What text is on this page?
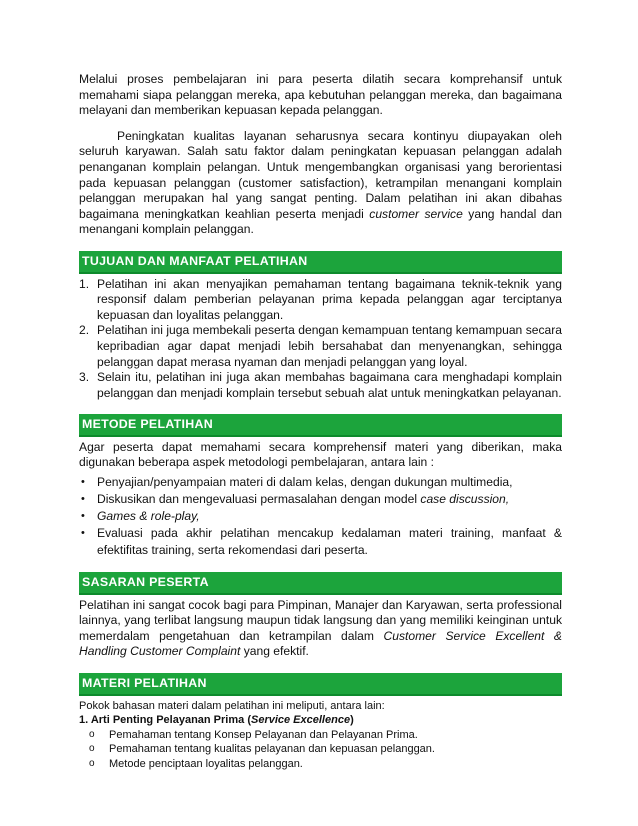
Melalui proses pembelajaran ini para peserta dilatih secara komprehansif untuk memahami siapa pelanggan mereka, apa kebutuhan pelanggan mereka, dan bagaimana melayani dan memberikan kepuasan kepada pelanggan.

Peningkatan kualitas layanan seharusnya secara kontinyu diupayakan oleh seluruh karyawan. Salah satu faktor dalam peningkatan kepuasan pelanggan adalah penanganan komplain pelangan. Untuk mengembangkan organisasi yang berorientasi pada kepuasan pelanggan (customer satisfaction), ketrampilan menangani komplain pelanggan merupakan hal yang sangat penting. Dalam pelatihan ini akan dibahas bagaimana meningkatkan keahlian peserta menjadi customer service yang handal dan menangani komplain pelanggan.

TUJUAN DAN MANFAAT PELATIHAN
1. Pelatihan ini akan menyajikan pemahaman tentang bagaimana teknik-teknik yang responsif dalam pemberian pelayanan prima kepada pelanggan agar terciptanya kepuasan dan loyalitas pelanggan.
2. Pelatihan ini juga membekali peserta dengan kemampuan tentang kemampuan secara kepribadian agar dapat menjadi lebih bersahabat dan menyenangkan, sehingga pelanggan dapat merasa nyaman dan menjadi pelanggan yang loyal.
3. Selain itu, pelatihan ini juga akan membahas bagaimana cara menghadapi komplain pelanggan dan menjadi komplain tersebut sebuah alat untuk meningkatkan pelayanan.
METODE PELATIHAN

Agar peserta dapat memahami secara komprehensif materi yang diberikan, maka digunakan beberapa aspek metodologi pembelajaran, antara lain :

• Penyajian/penyampaian materi di dalam kelas, dengan dukungan multimedia,
• Diskusikan dan mengevaluasi permasalahan dengan model case discussion,
• Games & role-play,
• Evaluasi pada akhir pelatihan mencakup kedalaman materi training, manfaat & efektifitas training, serta rekomendasi dari peserta.
SASARAN PESERTA

Pelatihan ini sangat cocok bagi para Pimpinan, Manajer dan Karyawan, serta professional lainnya, yang terlibat langsung maupun tidak langsung dan yang memiliki keinginan untuk memerdalam pengetahuan dan ketrampilan dalam Customer Service Excellent & Handling Customer Complaint yang efektif.

MATERI PELATIHAN
Pokok bahasan materi dalam pelatihan ini meliputi, antara lain:
1. Arti Penting Pelayanan Prima (Service Excellence)
o Pemahaman tentang Konsep Pelayanan dan Pelayanan Prima.
o Pemahaman tentang kualitas pelayanan dan kepuasan pelanggan.
o Metode penciptaan loyalitas pelanggan.
